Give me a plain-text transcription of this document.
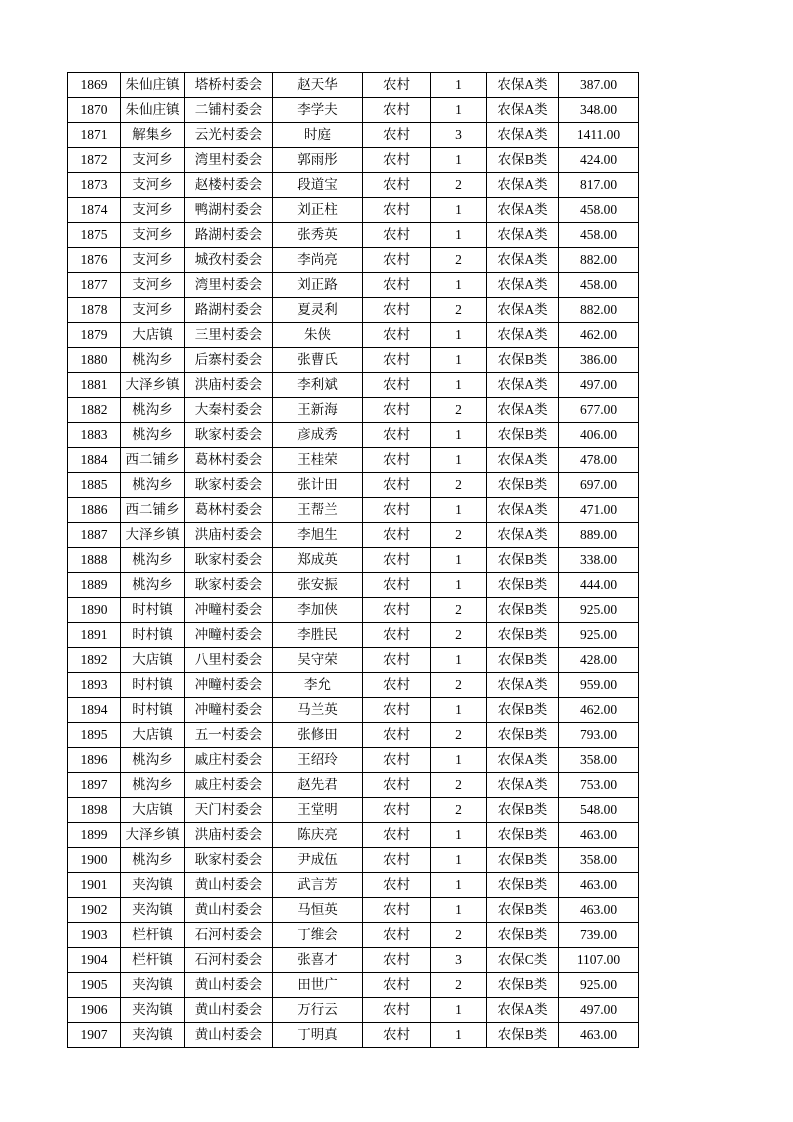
1869	朱仙庄镇	塔桥村委会	赵天华	农村	1	农保A类	387.00
1870	朱仙庄镇	二铺村委会	李学夫	农村	1	农保A类	348.00
1871	解集乡	云光村委会	时庭	农村	3	农保A类	1411.00
1872	支河乡	湾里村委会	郭雨彤	农村	1	农保B类	424.00
1873	支河乡	赵楼村委会	段道宝	农村	2	农保A类	817.00
1874	支河乡	鸭湖村委会	刘正柱	农村	1	农保A类	458.00
1875	支河乡	路湖村委会	张秀英	农村	1	农保A类	458.00
1876	支河乡	城孜村委会	李尚亮	农村	2	农保A类	882.00
1877	支河乡	湾里村委会	刘正路	农村	1	农保A类	458.00
1878	支河乡	路湖村委会	夏灵利	农村	2	农保A类	882.00
1879	大店镇	三里村委会	朱侠	农村	1	农保A类	462.00
1880	桃沟乡	后寨村委会	张曹氏	农村	1	农保B类	386.00
1881	大泽乡镇	洪庙村委会	李利斌	农村	1	农保A类	497.00
1882	桃沟乡	大秦村委会	王新海	农村	2	农保A类	677.00
1883	桃沟乡	耿家村委会	彦成秀	农村	1	农保B类	406.00
1884	西二铺乡	葛林村委会	王桂荣	农村	1	农保A类	478.00
1885	桃沟乡	耿家村委会	张计田	农村	2	农保B类	697.00
1886	西二铺乡	葛林村委会	王帮兰	农村	1	农保A类	471.00
1887	大泽乡镇	洪庙村委会	李旭生	农村	2	农保A类	889.00
1888	桃沟乡	耿家村委会	郑成英	农村	1	农保B类	338.00
1889	桃沟乡	耿家村委会	张安振	农村	1	农保B类	444.00
1890	时村镇	冲疃村委会	李加侠	农村	2	农保B类	925.00
1891	时村镇	冲疃村委会	李胜民	农村	2	农保B类	925.00
1892	大店镇	八里村委会	吴守荣	农村	1	农保B类	428.00
1893	时村镇	冲疃村委会	李允	农村	2	农保A类	959.00
1894	时村镇	冲疃村委会	马兰英	农村	1	农保B类	462.00
1895	大店镇	五一村委会	张修田	农村	2	农保B类	793.00
1896	桃沟乡	戚庄村委会	王绍玲	农村	1	农保A类	358.00
1897	桃沟乡	戚庄村委会	赵先君	农村	2	农保A类	753.00
1898	大店镇	天门村委会	王堂明	农村	2	农保B类	548.00
1899	大泽乡镇	洪庙村委会	陈庆亮	农村	1	农保B类	463.00
1900	桃沟乡	耿家村委会	尹成伍	农村	1	农保B类	358.00
1901	夹沟镇	黄山村委会	武言芳	农村	1	农保B类	463.00
1902	夹沟镇	黄山村委会	马恒英	农村	1	农保B类	463.00
1903	栏杆镇	石河村委会	丁维会	农村	2	农保B类	739.00
1904	栏杆镇	石河村委会	张喜才	农村	3	农保C类	1107.00
1905	夹沟镇	黄山村委会	田世广	农村	2	农保B类	925.00
1906	夹沟镇	黄山村委会	万行云	农村	1	农保A类	497.00
1907	夹沟镇	黄山村委会	丁明真	农村	1	农保B类	463.00
